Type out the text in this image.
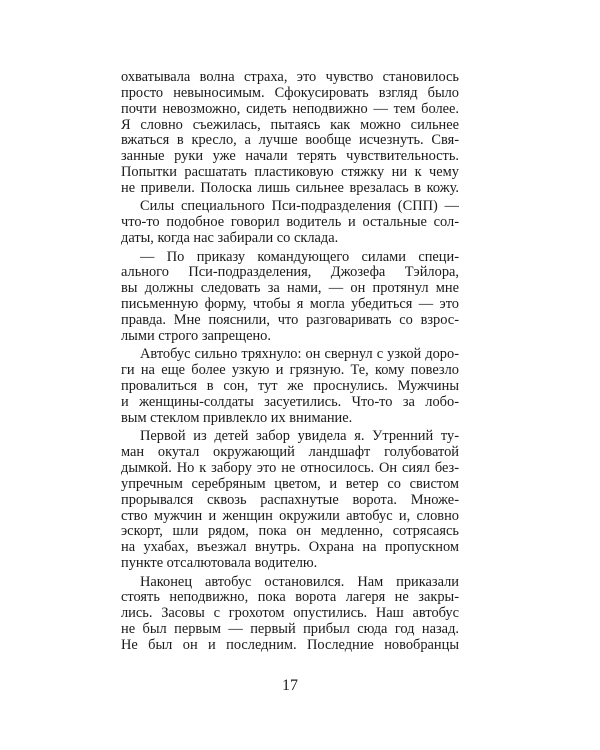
охватывала волна страха, это чувство становилось
просто невыносимым. Сфокусировать взгляд было
почти невозможно, сидеть неподвижно — тем более.
Я словно съежилась, пытаясь как можно сильнее
вжаться в кресло, а лучше вообще исчезнуть. Свя-
занные руки уже начали терять чувствительность.
Попытки расшатать пластиковую стяжку ни к чему
не привели. Полоска лишь сильнее врезалась в кожу.
Силы специального Пси-подразделения (СПП) —
что-то подобное говорил водитель и остальные сол-
даты, когда нас забирали со склада.
— По приказу командующего силами специ-
ального Пси-подразделения, Джозефа Тэйлора,
вы должны следовать за нами, — он протянул мне
письменную форму, чтобы я могла убедиться — это
правда. Мне пояснили, что разговаривать со взрос-
лыми строго запрещено.
Автобус сильно тряхнуло: он свернул с узкой доро-
ги на еще более узкую и грязную. Те, кому повезло
провалиться в сон, тут же проснулись. Мужчины
и женщины-солдаты засуетились. Что-то за лобо-
вым стеклом привлекло их внимание.
Первой из детей забор увидела я. Утренний ту-
ман окутал окружающий ландшафт голубоватой
дымкой. Но к забору это не относилось. Он сиял без-
упречным серебряным цветом, и ветер со свистом
прорывался сквозь распахнутые ворота. Множе-
ство мужчин и женщин окружили автобус и, словно
эскорт, шли рядом, пока он медленно, сотрясаясь
на ухабах, въезжал внутрь. Охрана на пропускном
пункте отсалютовала водителю.
Наконец автобус остановился. Нам приказали
стоять неподвижно, пока ворота лагеря не закры-
лись. Засовы с грохотом опустились. Наш автобус
не был первым — первый прибыл сюда год назад.
Не был он и последним. Последние новобранцы
17
